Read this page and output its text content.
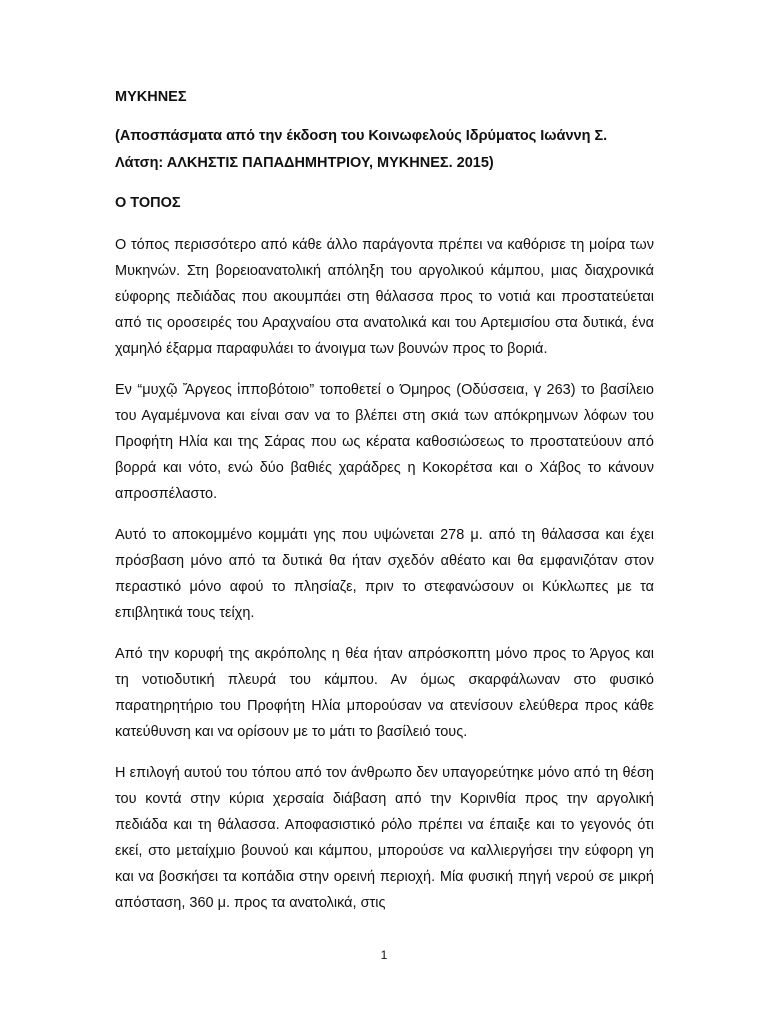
ΜΥΚΗΝΕΣ
(Αποσπάσματα από την έκδοση του Κοινωφελούς Ιδρύματος Ιωάννη Σ. Λάτση: ΑΛΚΗΣΤΙΣ ΠΑΠΑΔΗΜΗΤΡΙΟΥ, ΜΥΚΗΝΕΣ. 2015)
Ο ΤΟΠΟΣ

Ο τόπος περισσότερο από κάθε άλλο παράγοντα πρέπει να καθόρισε τη μοίρα των Μυκηνών. Στη βορειοανατολική απόληξη του αργολικού κάμπου, μιας διαχρονικά εύφορης πεδιάδας που ακουμπάει στη θάλασσα προς το νοτιά και προστατεύεται από τις οροσειρές του Αραχναίου στα ανατολικά και του Αρτεμισίου στα δυτικά, ένα χαμηλό έξαρμα παραφυλάει το άνοιγμα των βουνών προς το βοριά.

Εν “μυχῷ Ἄργεος ἱπποβότοιο” τοποθετεί ο Όμηρος (Οδύσσεια, γ 263) το βασίλειο του Αγαμέμνονα και είναι σαν να το βλέπει στη σκιά των απόκρημνων λόφων του Προφήτη Ηλία και της Σάρας που ως κέρατα καθοσιώσεως το προστατεύουν από βορρά και νότο, ενώ δύο βαθιές χαράδρες η Κοκορέτσα και ο Χάβος το κάνουν απροσπέλαστο.

Αυτό το αποκομμένο κομμάτι γης που υψώνεται 278 μ. από τη θάλασσα και έχει πρόσβαση μόνο από τα δυτικά θα ήταν σχεδόν αθέατο και θα εμφανιζόταν στον περαστικό μόνο αφού το πλησίαζε, πριν το στεφανώσουν οι Κύκλωπες με τα επιβλητικά τους τείχη.

Από την κορυφή της ακρόπολης η θέα ήταν απρόσκοπτη μόνο προς το Άργος και τη νοτιοδυτική πλευρά του κάμπου. Αν όμως σκαρφάλωναν στο φυσικό παρατηρητήριο του Προφήτη Ηλία μπορούσαν να ατενίσουν ελεύθερα προς κάθε κατεύθυνση και να ορίσουν με το μάτι το βασίλειό τους.

Η επιλογή αυτού του τόπου από τον άνθρωπο δεν υπαγορεύτηκε μόνο από τη θέση του κοντά στην κύρια χερσαία διάβαση από την Κορινθία προς την αργολική πεδιάδα και τη θάλασσα. Αποφασιστικό ρόλο πρέπει να έπαιξε και το γεγονός ότι εκεί, στο μεταίχμιο βουνού και κάμπου, μπορούσε να καλλιεργήσει την εύφορη γη και να βοσκήσει τα κοπάδια στην ορεινή περιοχή. Μία φυσική πηγή νερού σε μικρή απόσταση, 360 μ. προς τα ανατολικά, στις

1
